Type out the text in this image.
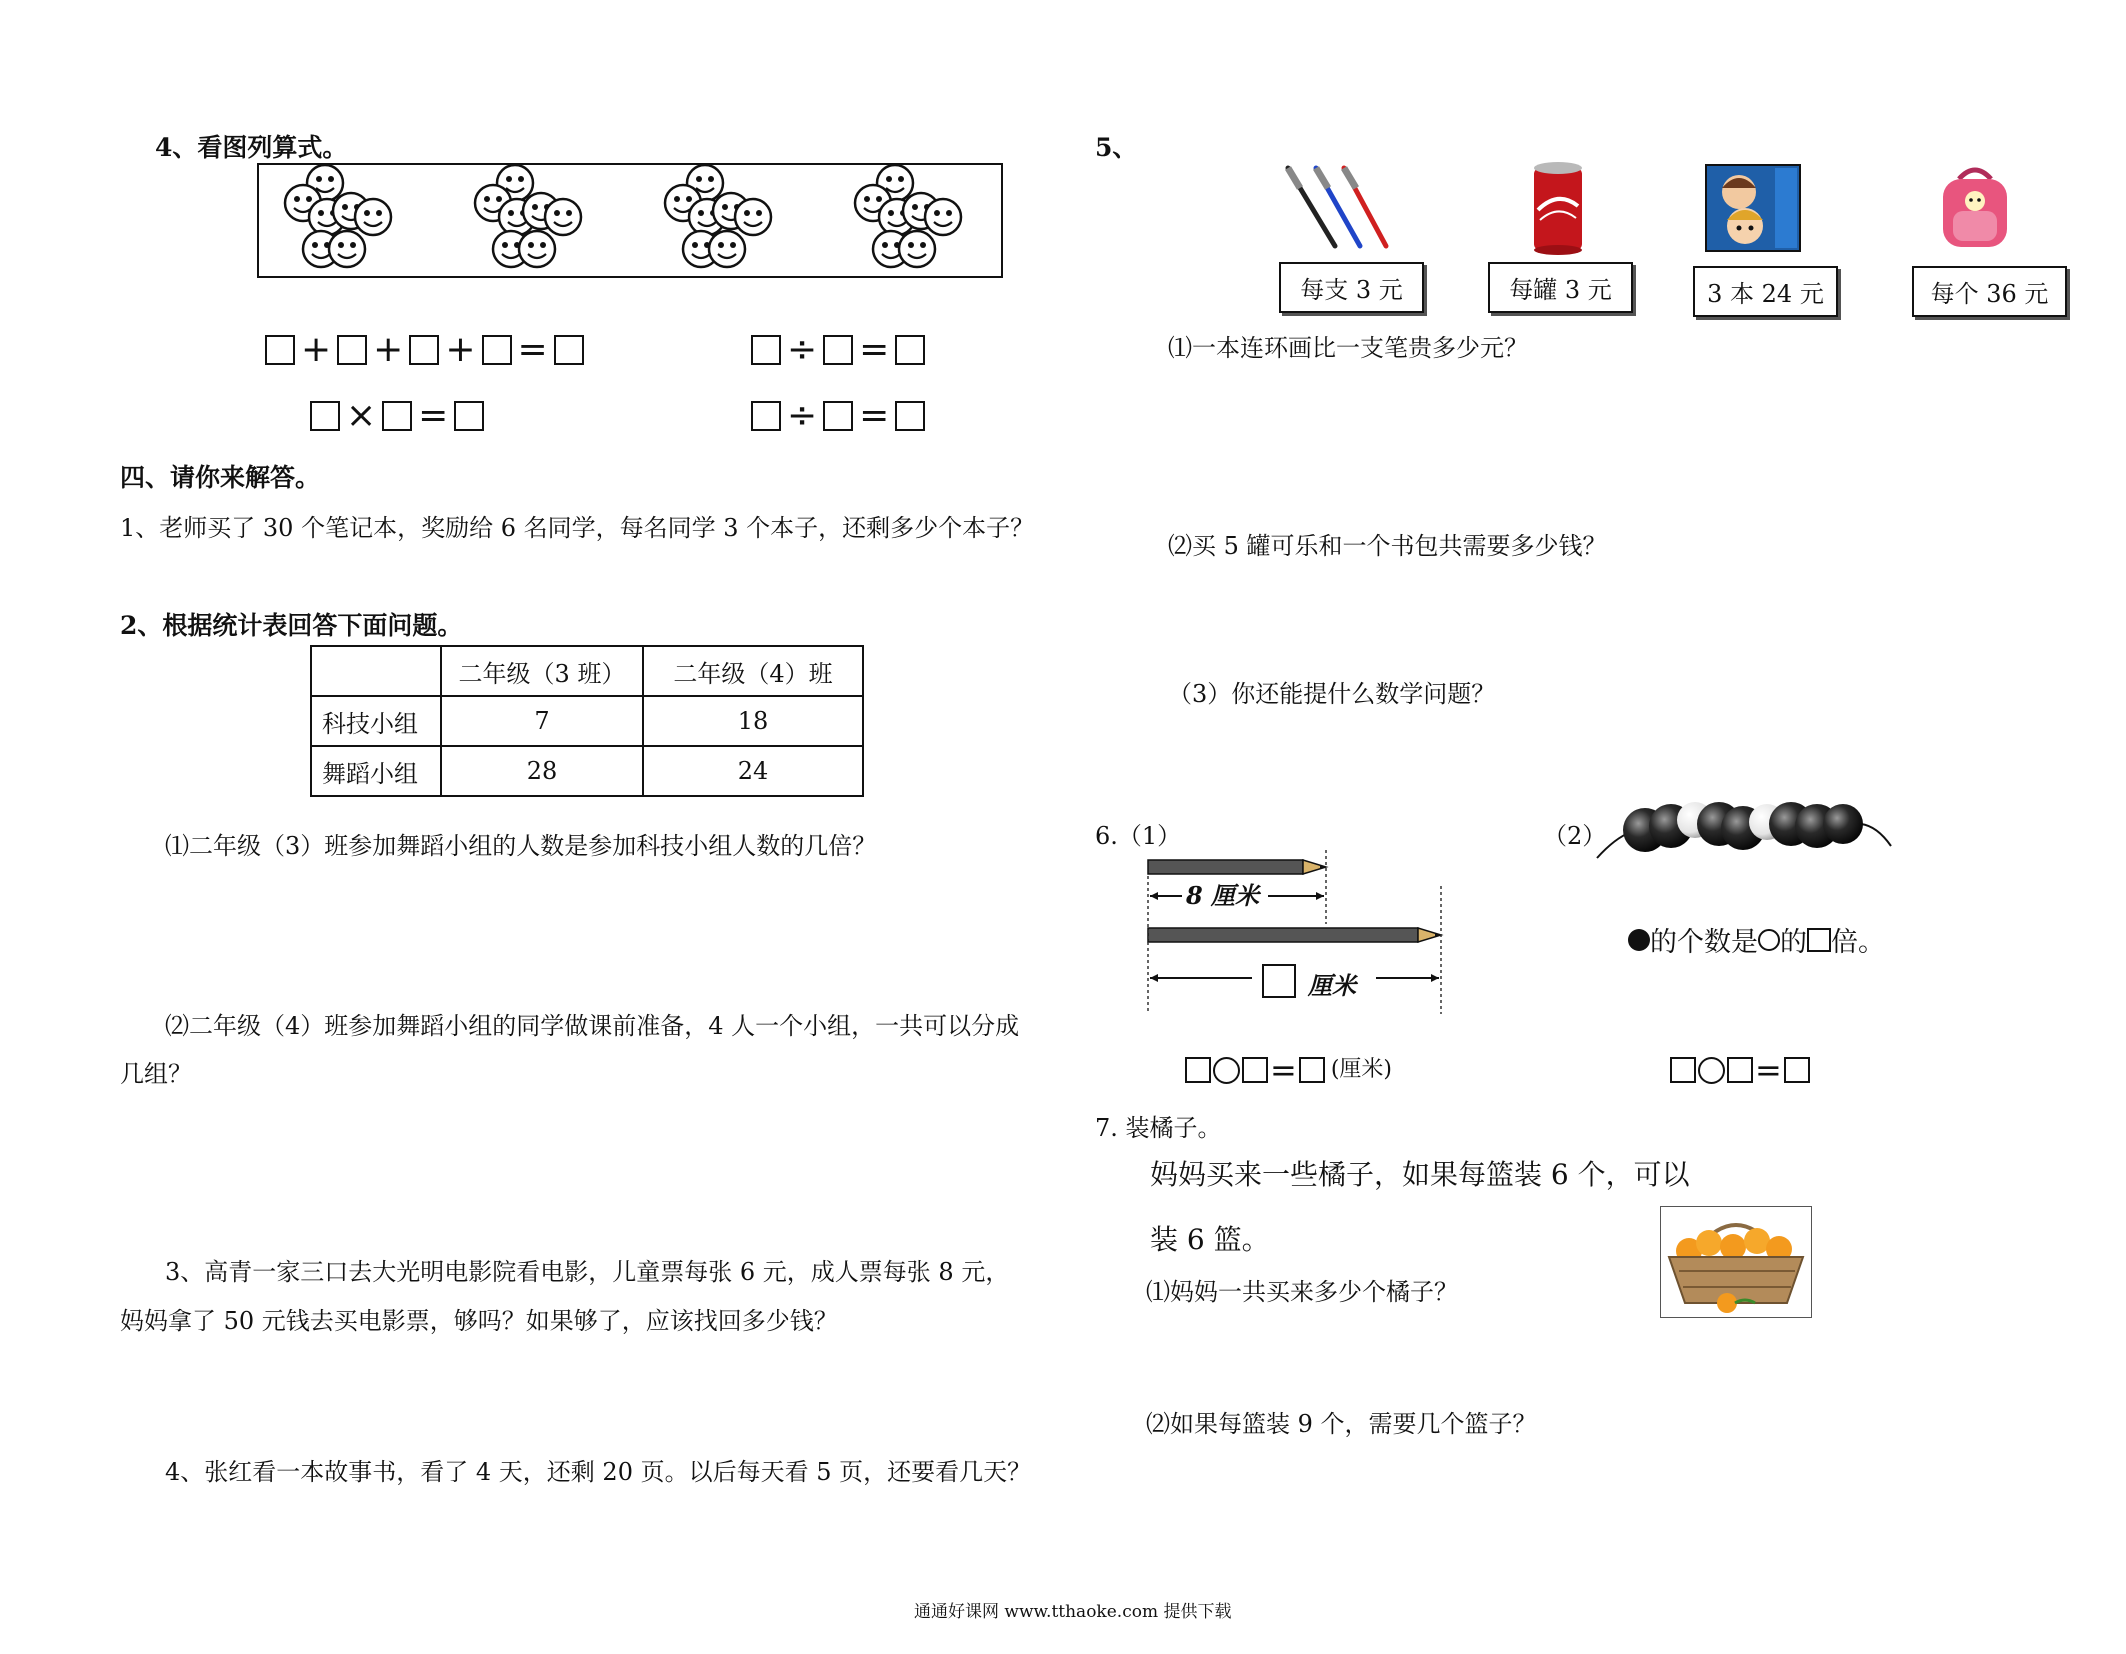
4、看图列算式。
+ + + =	÷ =
× =	÷ =
四、请你来解答。
1、老师买了 30 个笔记本，奖励给 6 名同学，每名同学 3 个本子，还剩多少个本子？
2、根据统计表回答下面问题。
	二年级（3 班）	二年级（4）班
科技小组	7	18
舞蹈小组	28	24
⑴二年级（3）班参加舞蹈小组的人数是参加科技小组人数的几倍？
⑵二年级（4）班参加舞蹈小组的同学做课前准备，4 人一个小组，一共可以分成
几组？
3、高青一家三口去大光明电影院看电影，儿童票每张 6 元，成人票每张 8 元，
妈妈拿了 50 元钱去买电影票，够吗？如果够了，应该找回多少钱？
4、张红看一本故事书，看了 4 天，还剩 20 页。以后每天看 5 页，还要看几天？
5、
每支 3 元	每罐 3 元	3 本 24 元	每个 36 元
⑴一本连环画比一支笔贵多少元？
⑵买 5 罐可乐和一个书包共需要多少钱？
（3）你还能提什么数学问题？
6.（1）
8 厘米
厘米
= (厘米)
（2）
的个数是 的 倍。
=
7. 装橘子。
妈妈买来一些橘子，如果每篮装 6 个，可以
装 6 篮。
⑴妈妈一共买来多少个橘子？
⑵如果每篮装 9 个，需要几个篮子？
通通好课网 www.tthaoke.com 提供下载
